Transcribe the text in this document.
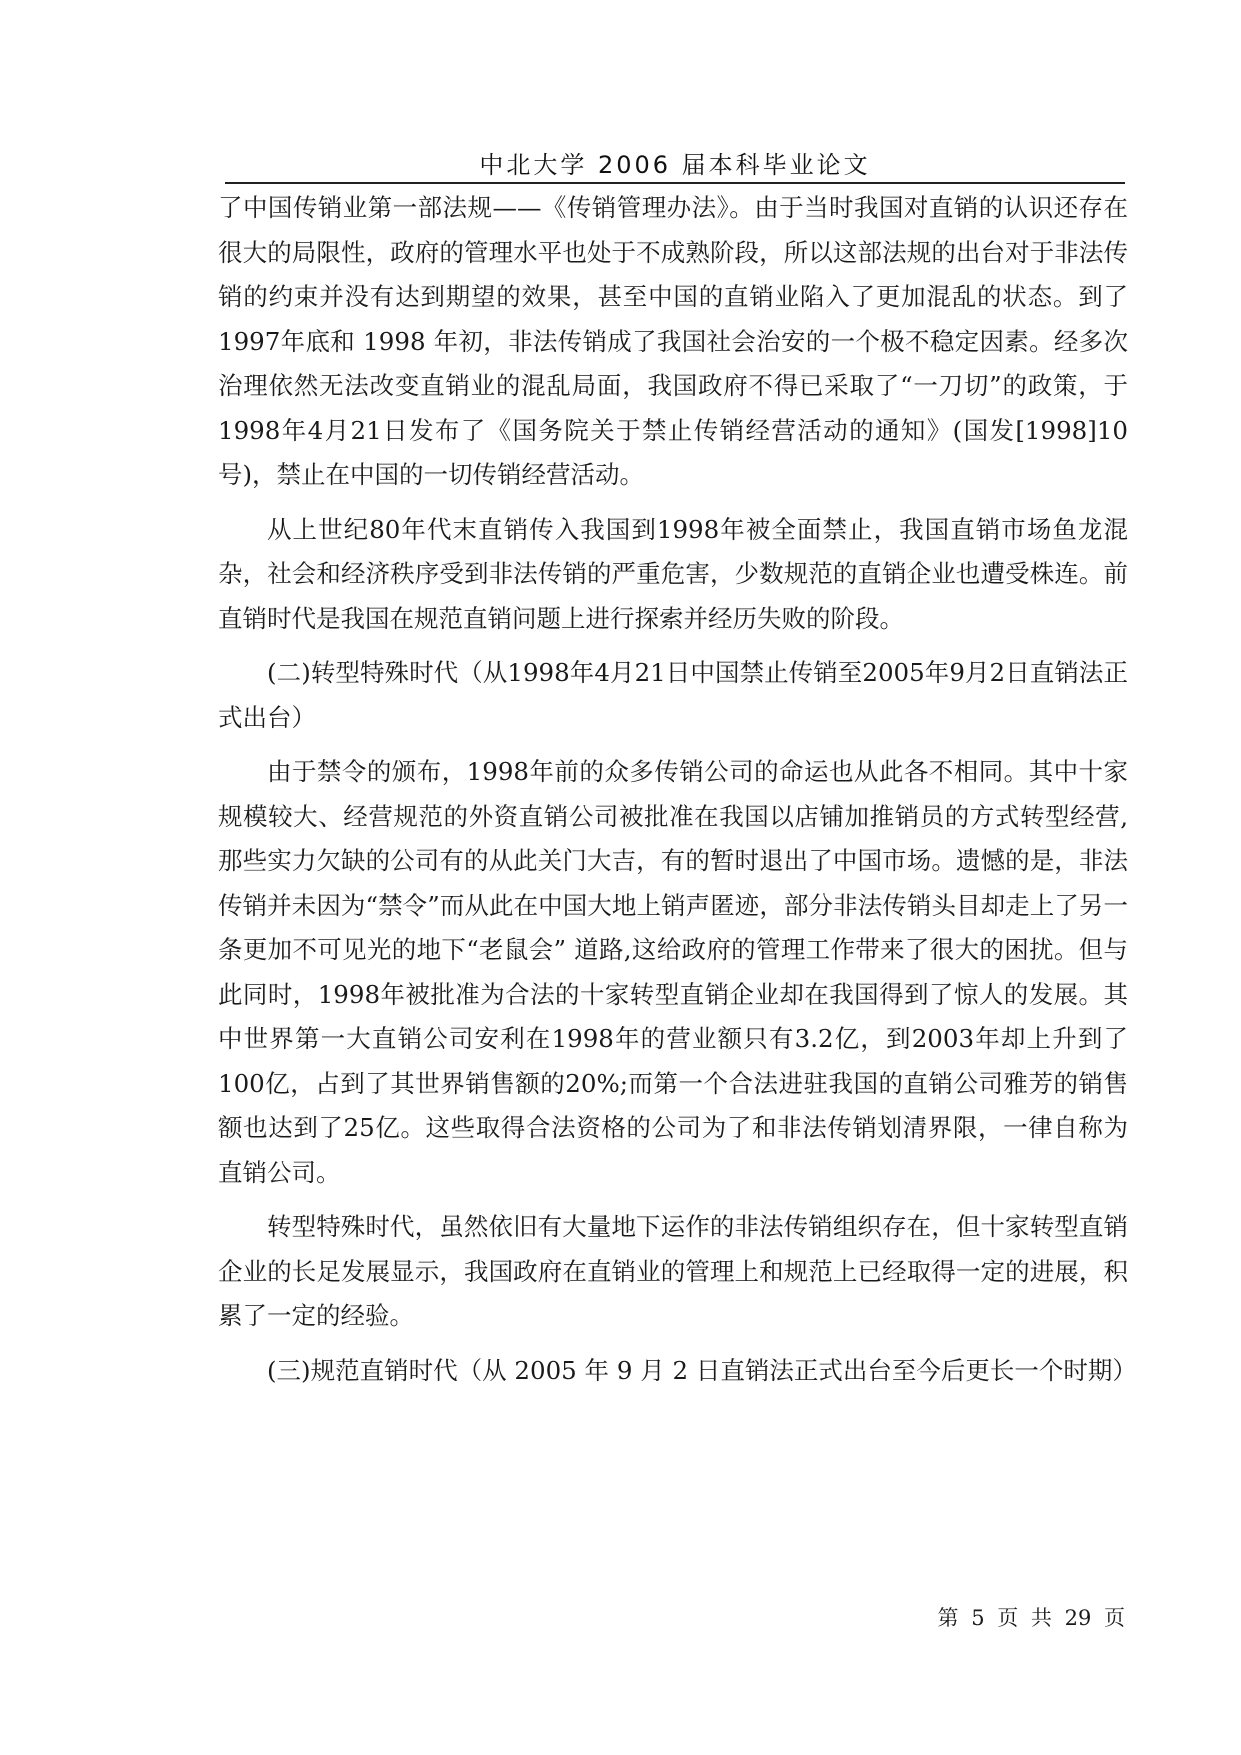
中北大学 2006 届本科毕业论文

了中国传销业第一部法规——《传销管理办法》。由于当时我国对直销的认识还存在很大的局限性，政府的管理水平也处于不成熟阶段，所以这部法规的出台对于非法传销的约束并没有达到期望的效果，甚至中国的直销业陷入了更加混乱的状态。到了1997年底和 1998 年初，非法传销成了我国社会治安的一个极不稳定因素。经多次治理依然无法改变直销业的混乱局面，我国政府不得已采取了“一刀切”的政策，于1998年4月21日发布了《国务院关于禁止传销经营活动的通知》(国发[1998]10 号)，禁止在中国的一切传销经营活动。

从上世纪80年代末直销传入我国到1998年被全面禁止，我国直销市场鱼龙混杂，社会和经济秩序受到非法传销的严重危害，少数规范的直销企业也遭受株连。前直销时代是我国在规范直销问题上进行探索并经历失败的阶段。

(二)转型特殊时代（从1998年4月21日中国禁止传销至2005年9月2日直销法正式出台）

由于禁令的颁布，1998年前的众多传销公司的命运也从此各不相同。其中十家规模较大、经营规范的外资直销公司被批准在我国以店铺加推销员的方式转型经营,那些实力欠缺的公司有的从此关门大吉，有的暂时退出了中国市场。遗憾的是，非法传销并未因为“禁令”而从此在中国大地上销声匿迹，部分非法传销头目却走上了另一条更加不可见光的地下“老鼠会” 道路,这给政府的管理工作带来了很大的困扰。但与此同时，1998年被批准为合法的十家转型直销企业却在我国得到了惊人的发展。其中世界第一大直销公司安利在1998年的营业额只有3.2亿，到2003年却上升到了100亿，占到了其世界销售额的20%;而第一个合法进驻我国的直销公司雅芳的销售额也达到了25亿。这些取得合法资格的公司为了和非法传销划清界限，一律自称为直销公司。

转型特殊时代，虽然依旧有大量地下运作的非法传销组织存在，但十家转型直销企业的长足发展显示，我国政府在直销业的管理上和规范上已经取得一定的进展，积累了一定的经验。

(三)规范直销时代（从 2005 年 9 月 2 日直销法正式出台至今后更长一个时期）

第 5 页 共 29 页
